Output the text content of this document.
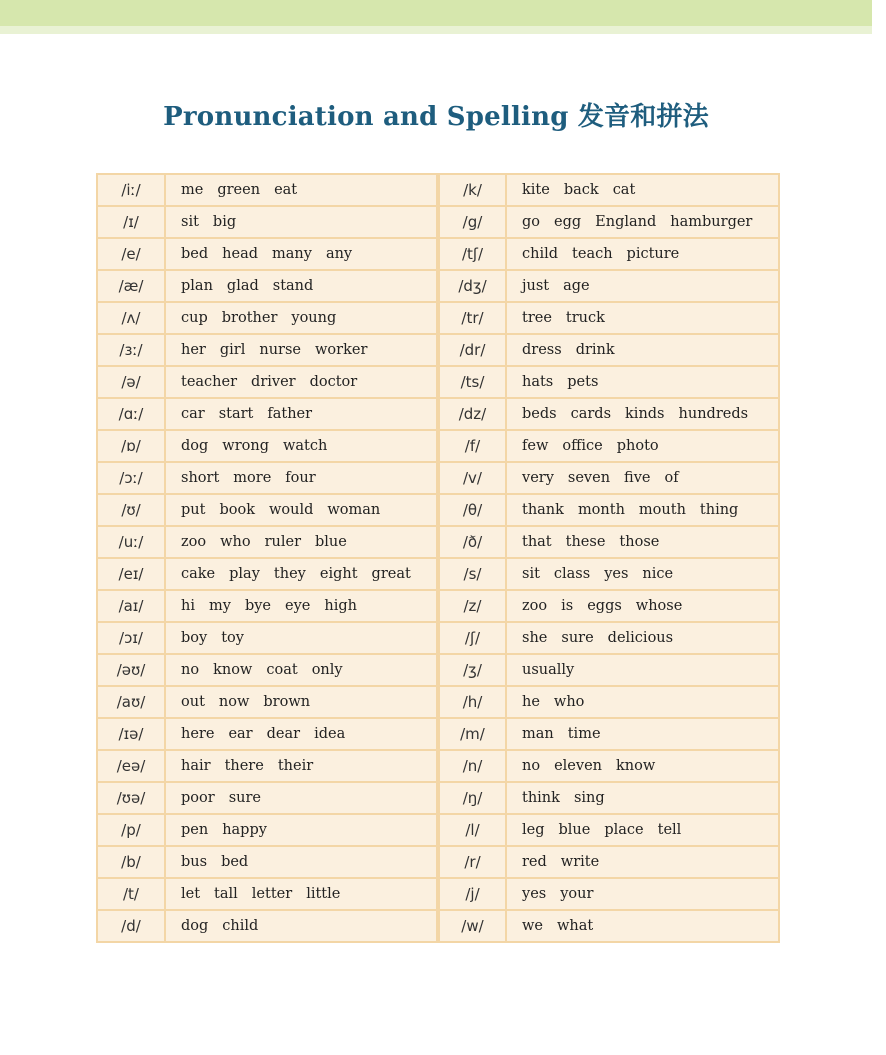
Pronunciation and Spelling 发音和拼法
/iː/	me green eat	/k/	kite back cat
/ɪ/	sit big	/g/	go egg England hamburger
/e/	bed head many any	/tʃ/	child teach picture
/æ/	plan glad stand	/dʒ/	just age
/ʌ/	cup brother young	/tr/	tree truck
/ɜː/	her girl nurse worker	/dr/	dress drink
/ə/	teacher driver doctor	/ts/	hats pets
/ɑː/	car start father	/dz/	beds cards kinds hundreds
/ɒ/	dog wrong watch	/f/	few office photo
/ɔː/	short more four	/v/	very seven five of
/ʊ/	put book would woman	/θ/	thank month mouth thing
/uː/	zoo who ruler blue	/ð/	that these those
/eɪ/	cake play they eight great	/s/	sit class yes nice
/aɪ/	hi my bye eye high	/z/	zoo is eggs whose
/ɔɪ/	boy toy	/ʃ/	she sure delicious
/əʊ/	no know coat only	/ʒ/	usually
/aʊ/	out now brown	/h/	he who
/ɪə/	here ear dear idea	/m/	man time
/eə/	hair there their	/n/	no eleven know
/ʊə/	poor sure	/ŋ/	think sing
/p/	pen happy	/l/	leg blue place tell
/b/	bus bed	/r/	red write
/t/	let tall letter little	/j/	yes your
/d/	dog child	/w/	we what
